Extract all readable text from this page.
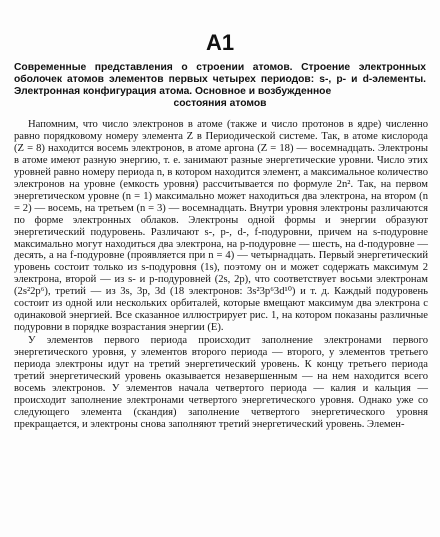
A1
Современные представления о строении атомов. Строение электронных оболочек атомов элементов первых четырех периодов: s-, p- и d-элементы. Электронная конфигурация атома. Основное и возбужденное
состояния атомов

Напомним, что число электронов в атоме (также и число протонов в ядре) численно равно порядковому номеру элемента Z в Периодической системе. Так, в атоме кислорода (Z = 8) находится восемь электронов, в атоме аргона (Z = 18) — восемнадцать. Электроны в атоме имеют разную энергию, т. е. занимают разные энергетические уровни. Число этих уровней равно номеру периода n, в котором находится элемент, а максимальное количество электронов на уровне (емкость уровня) рассчитывается по формуле 2n². Так, на первом энергетическом уровне (n = 1) максимально может находиться два электрона, на втором (n = 2) — восемь, на третьем (n = 3) — восемнадцать. Внутри уровня электроны различаются по форме электронных облаков. Электроны одной формы и энергии образуют энергетический подуровень. Различают s-, p-, d-, f-подуровни, причем на s-подуровне максимально могут находиться два электрона, на p-подуровне — шесть, на d-подуровне — десять, а на f-подуровне (проявляется при n = 4) — четырнадцать. Первый энергетический уровень состоит только из s-подуровня (1s), поэтому он и может содержать максимум 2 электрона, второй — из s- и p-подуровней (2s, 2p), что соответствует восьми электронам (2s²2p⁶), третий — из 3s, 3p, 3d (18 электронов: 3s²3p⁶3d¹⁰) и т. д. Каждый подуровень состоит из одной или нескольких орбиталей, которые вмещают максимум два электрона с одинаковой энергией. Все сказанное иллюстрирует рис. 1, на котором показаны различные подуровни в порядке возрастания энергии (E).

У элементов первого периода происходит заполнение электронами первого энергетического уровня, у элементов второго периода — второго, у элементов третьего периода электроны идут на третий энергетический уровень. К концу третьего периода третий энергетический уровень оказывается незавершенным — на нем находится всего восемь электронов. У элементов начала четвертого периода — калия и кальция — происходит заполнение электронами четвертого энергетического уровня. Однако уже со следующего элемента (скандия) заполнение четвертого энергетического уровня прекращается, и электроны снова заполняют третий энергетический уровень. Элемен-
